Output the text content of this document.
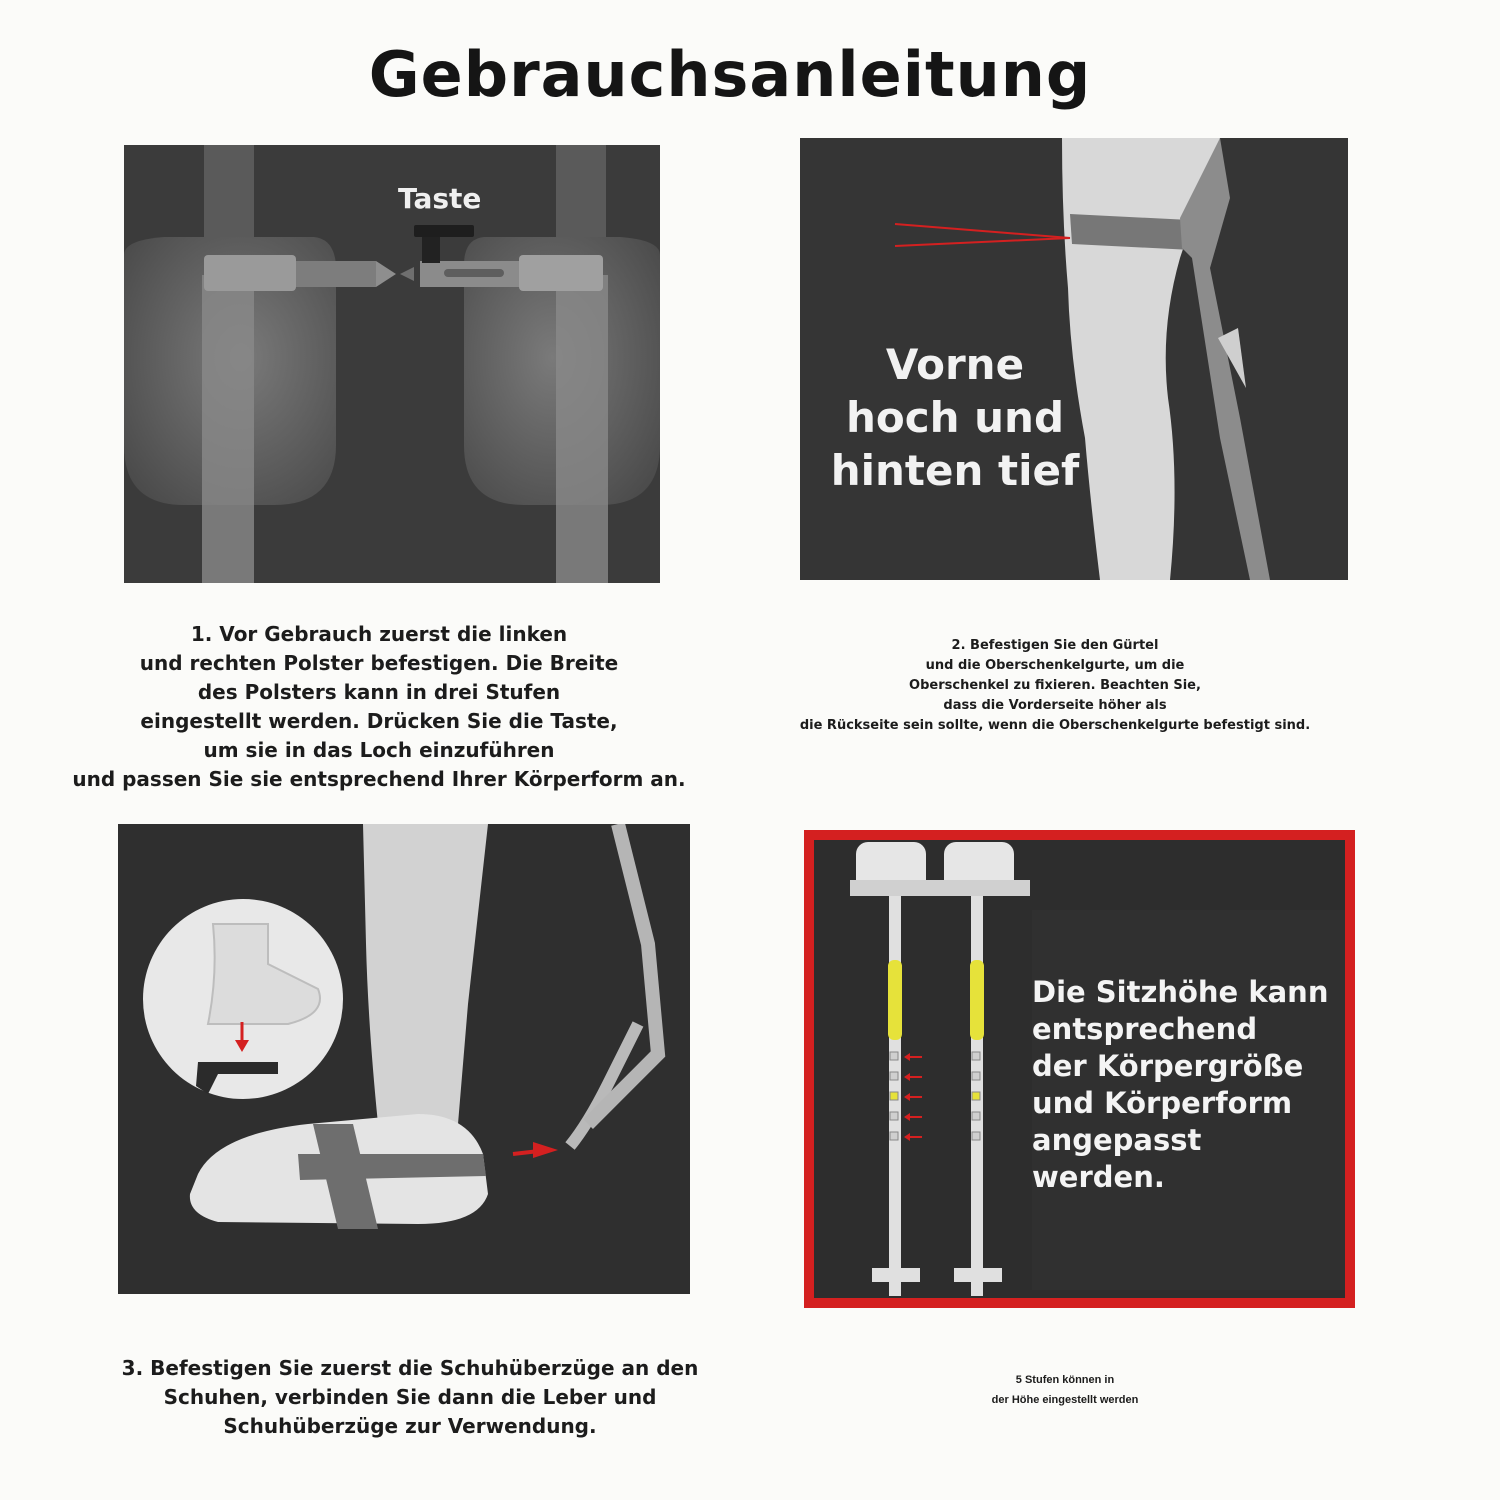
Gebrauchsanleitung
Taste
1. Vor Gebrauch zuerst die linken
und rechten Polster befestigen. Die Breite
des Polsters kann in drei Stufen
eingestellt werden. Drücken Sie die Taste,
um sie in das Loch einzuführen
und passen Sie sie entsprechend Ihrer Körperform an.
Vorne
hoch und
hinten tief
2. Befestigen Sie den Gürtel
und die Oberschenkelgurte, um die
Oberschenkel zu fixieren. Beachten Sie,
dass die Vorderseite höher als
die Rückseite sein sollte, wenn die Oberschenkelgurte befestigt sind.
3. Befestigen Sie zuerst die Schuhüberzüge an den
Schuhen, verbinden Sie dann die Leber und
Schuhüberzüge zur Verwendung.
Die Sitzhöhe kann
entsprechend
der Körpergröße
und Körperform
angepasst
werden.
5 Stufen können in
der Höhe eingestellt werden
